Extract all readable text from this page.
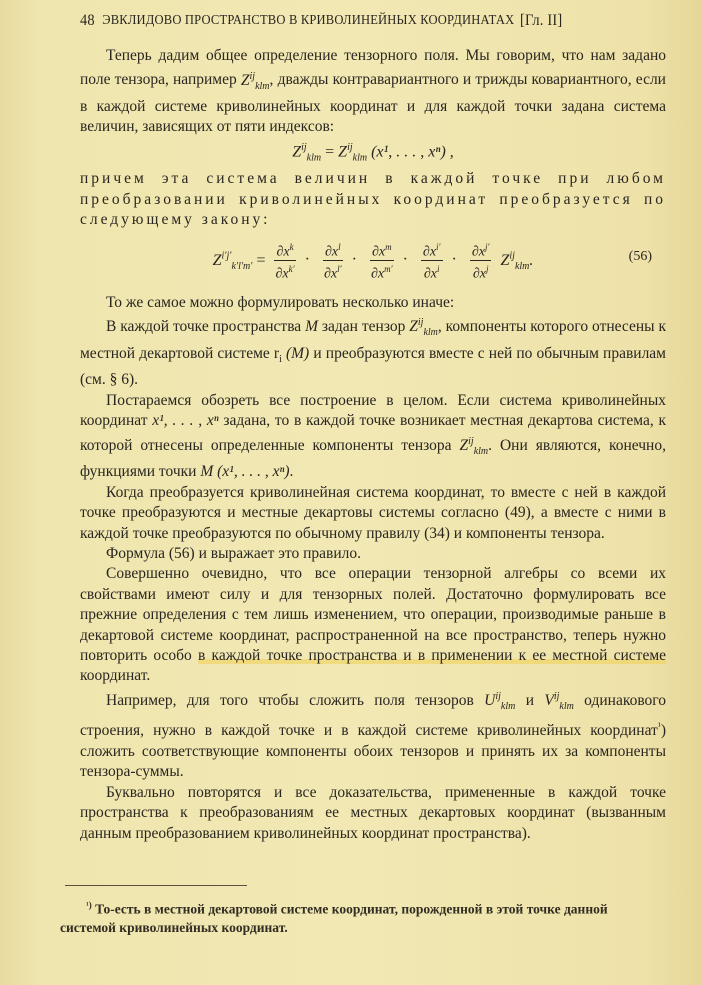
48 ЭВКЛИДОВО ПРОСТРАНСТВО В КРИВОЛИНЕЙНЫХ КООРДИНАТАХ [Гл. II]

Теперь дадим общее определение тензорного поля. Мы говорим, что нам задано поле тензора, например $Z^{ij}_{klm}$, дважды контравариантного и трижды ковариантного, если в каждой системе криволинейных координат и для каждой точки задана система величин, зависящих от пяти индексов:

$Z^{ij}_{klm} = Z^{ij}_{klm}$ (x¹, . . . , xⁿ) ,

причем эта система величин в каждой точке при любом преобразовании криволинейных координат преобразуется по следующему закону:

$Z^{i'j'}_{k'l'm'} = \frac{\partial x^k}{\partial x^{k'}} \cdot \frac{\partial x^l}{\partial x^{l'}} \cdot \frac{\partial x^m}{\partial x^{m'}} \cdot \frac{\partial x^{i'}}{\partial x^i} \cdot \frac{\partial x^{j'}}{\partial x^j} Z^{ij}_{klm}$.	(56)

То же самое можно формулировать несколько иначе:

В каждой точке пространства M задан тензор $Z^{ij}_{klm}$, компоненты которого отнесены к местной декартовой системе $r_i$ (M) и преобразуются вместе с ней по обычным правилам (см. § 6).

Постараемся обозреть все построение в целом. Если система криволинейных координат x¹, . . . , xⁿ задана, то в каждой точке возникает местная декартова система, к которой отнесены определенные компоненты тензора $Z^{ij}_{klm}$. Они являются, конечно, функциями точки M (x¹, . . . , xⁿ).

Когда преобразуется криволинейная система координат, то вместе с ней в каждой точке преобразуются и местные декартовы системы согласно (49), а вместе с ними в каждой точке преобразуются по обычному правилу (34) и компоненты тензора.

Формула (56) и выражает это правило.

Совершенно очевидно, что все операции тензорной алгебры со всеми их свойствами имеют силу и для тензорных полей. Достаточно формулировать все прежние определения с тем лишь изменением, что операции, производимые раньше в декартовой системе координат, распространенной на все пространство, теперь нужно повторить особо в каждой точке пространства и в применении к ее местной системе координат.

Например, для того чтобы сложить поля тензоров $U^{ij}_{klm}$ и $V^{ij}_{klm}$ одинакового строения, нужно в каждой точке и в каждой системе криволинейных координат$^{^1}$) сложить соответствующие компоненты обоих тензоров и принять их за компоненты тензора-суммы.

Буквально повторятся и все доказательства, примененные в каждой точке пространства к преобразованиям ее местных декартовых координат (вызванным данным преобразованием криволинейных координат пространства).

$^{^1)}$ То-есть в местной декартовой системе координат, порожденной в этой точке данной системой криволинейных координат.
